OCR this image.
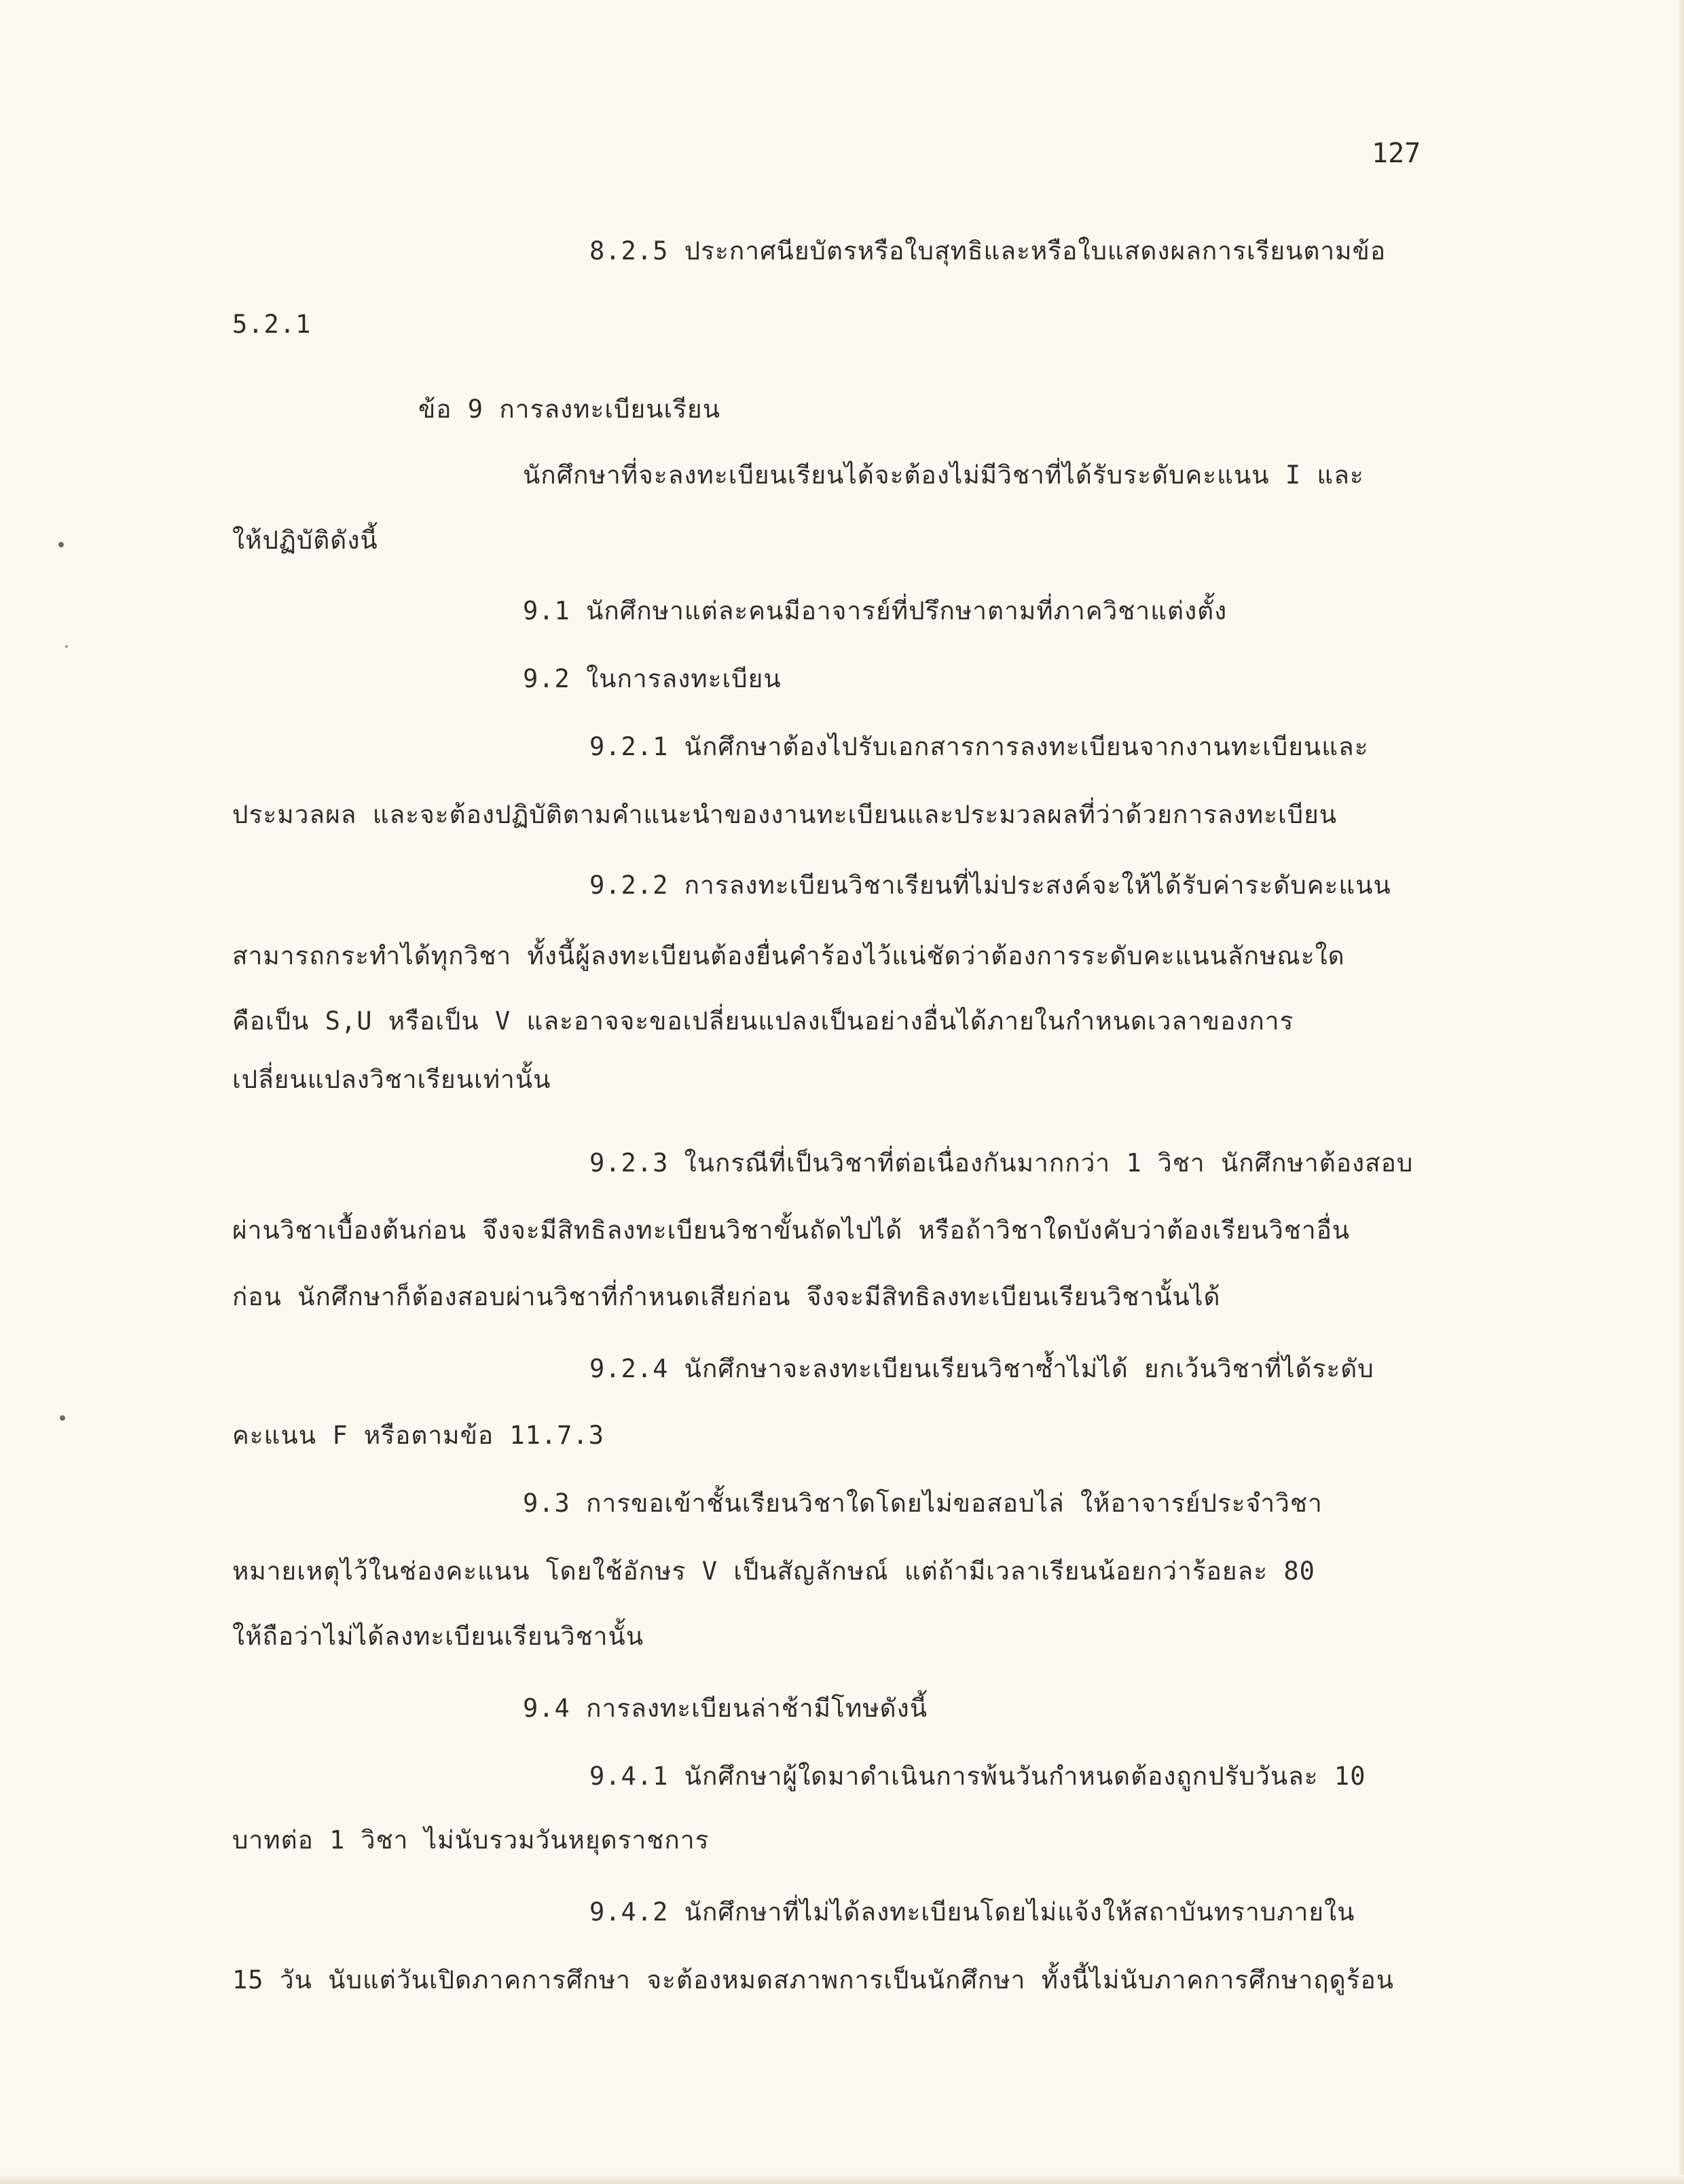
127
8.2.5 ประกาศนียบัตรหรือใบสุทธิและหรือใบแสดงผลการเรียนตามข้อ
5.2.1
ข้อ 9 การลงทะเบียนเรียน
นักศึกษาที่จะลงทะเบียนเรียนได้จะต้องไม่มีวิชาที่ได้รับระดับคะแนน I และ
ให้ปฏิบัติดังนี้
9.1 นักศึกษาแต่ละคนมีอาจารย์ที่ปรึกษาตามที่ภาควิชาแต่งตั้ง
9.2 ในการลงทะเบียน
9.2.1 นักศึกษาต้องไปรับเอกสารการลงทะเบียนจากงานทะเบียนและ
ประมวลผล และจะต้องปฏิบัติตามคำแนะนำของงานทะเบียนและประมวลผลที่ว่าด้วยการลงทะเบียน
9.2.2 การลงทะเบียนวิชาเรียนที่ไม่ประสงค์จะให้ได้รับค่าระดับคะแนน
สามารถกระทำได้ทุกวิชา ทั้งนี้ผู้ลงทะเบียนต้องยื่นคำร้องไว้แน่ชัดว่าต้องการระดับคะแนนลักษณะใด
คือเป็น S,U หรือเป็น V และอาจจะขอเปลี่ยนแปลงเป็นอย่างอื่นได้ภายในกำหนดเวลาของการ
เปลี่ยนแปลงวิชาเรียนเท่านั้น
9.2.3 ในกรณีที่เป็นวิชาที่ต่อเนื่องกันมากกว่า 1 วิชา นักศึกษาต้องสอบ
ผ่านวิชาเบื้องต้นก่อน จึงจะมีสิทธิลงทะเบียนวิชาขั้นถัดไปได้ หรือถ้าวิชาใดบังคับว่าต้องเรียนวิชาอื่น
ก่อน นักศึกษาก็ต้องสอบผ่านวิชาที่กำหนดเสียก่อน จึงจะมีสิทธิลงทะเบียนเรียนวิชานั้นได้
9.2.4 นักศึกษาจะลงทะเบียนเรียนวิชาซ้ำไม่ได้ ยกเว้นวิชาที่ได้ระดับ
คะแนน F หรือตามข้อ 11.7.3
9.3 การขอเข้าชั้นเรียนวิชาใดโดยไม่ขอสอบไล่ ให้อาจารย์ประจำวิชา
หมายเหตุไว้ในช่องคะแนน โดยใช้อักษร V เป็นสัญลักษณ์ แต่ถ้ามีเวลาเรียนน้อยกว่าร้อยละ 80
ให้ถือว่าไม่ได้ลงทะเบียนเรียนวิชานั้น
9.4 การลงทะเบียนล่าช้ามีโทษดังนี้
9.4.1 นักศึกษาผู้ใดมาดำเนินการพ้นวันกำหนดต้องถูกปรับวันละ 10
บาทต่อ 1 วิชา ไม่นับรวมวันหยุดราชการ
9.4.2 นักศึกษาที่ไม่ได้ลงทะเบียนโดยไม่แจ้งให้สถาบันทราบภายใน
15 วัน นับแต่วันเปิดภาคการศึกษา จะต้องหมดสภาพการเป็นนักศึกษา ทั้งนี้ไม่นับภาคการศึกษาฤดูร้อน
